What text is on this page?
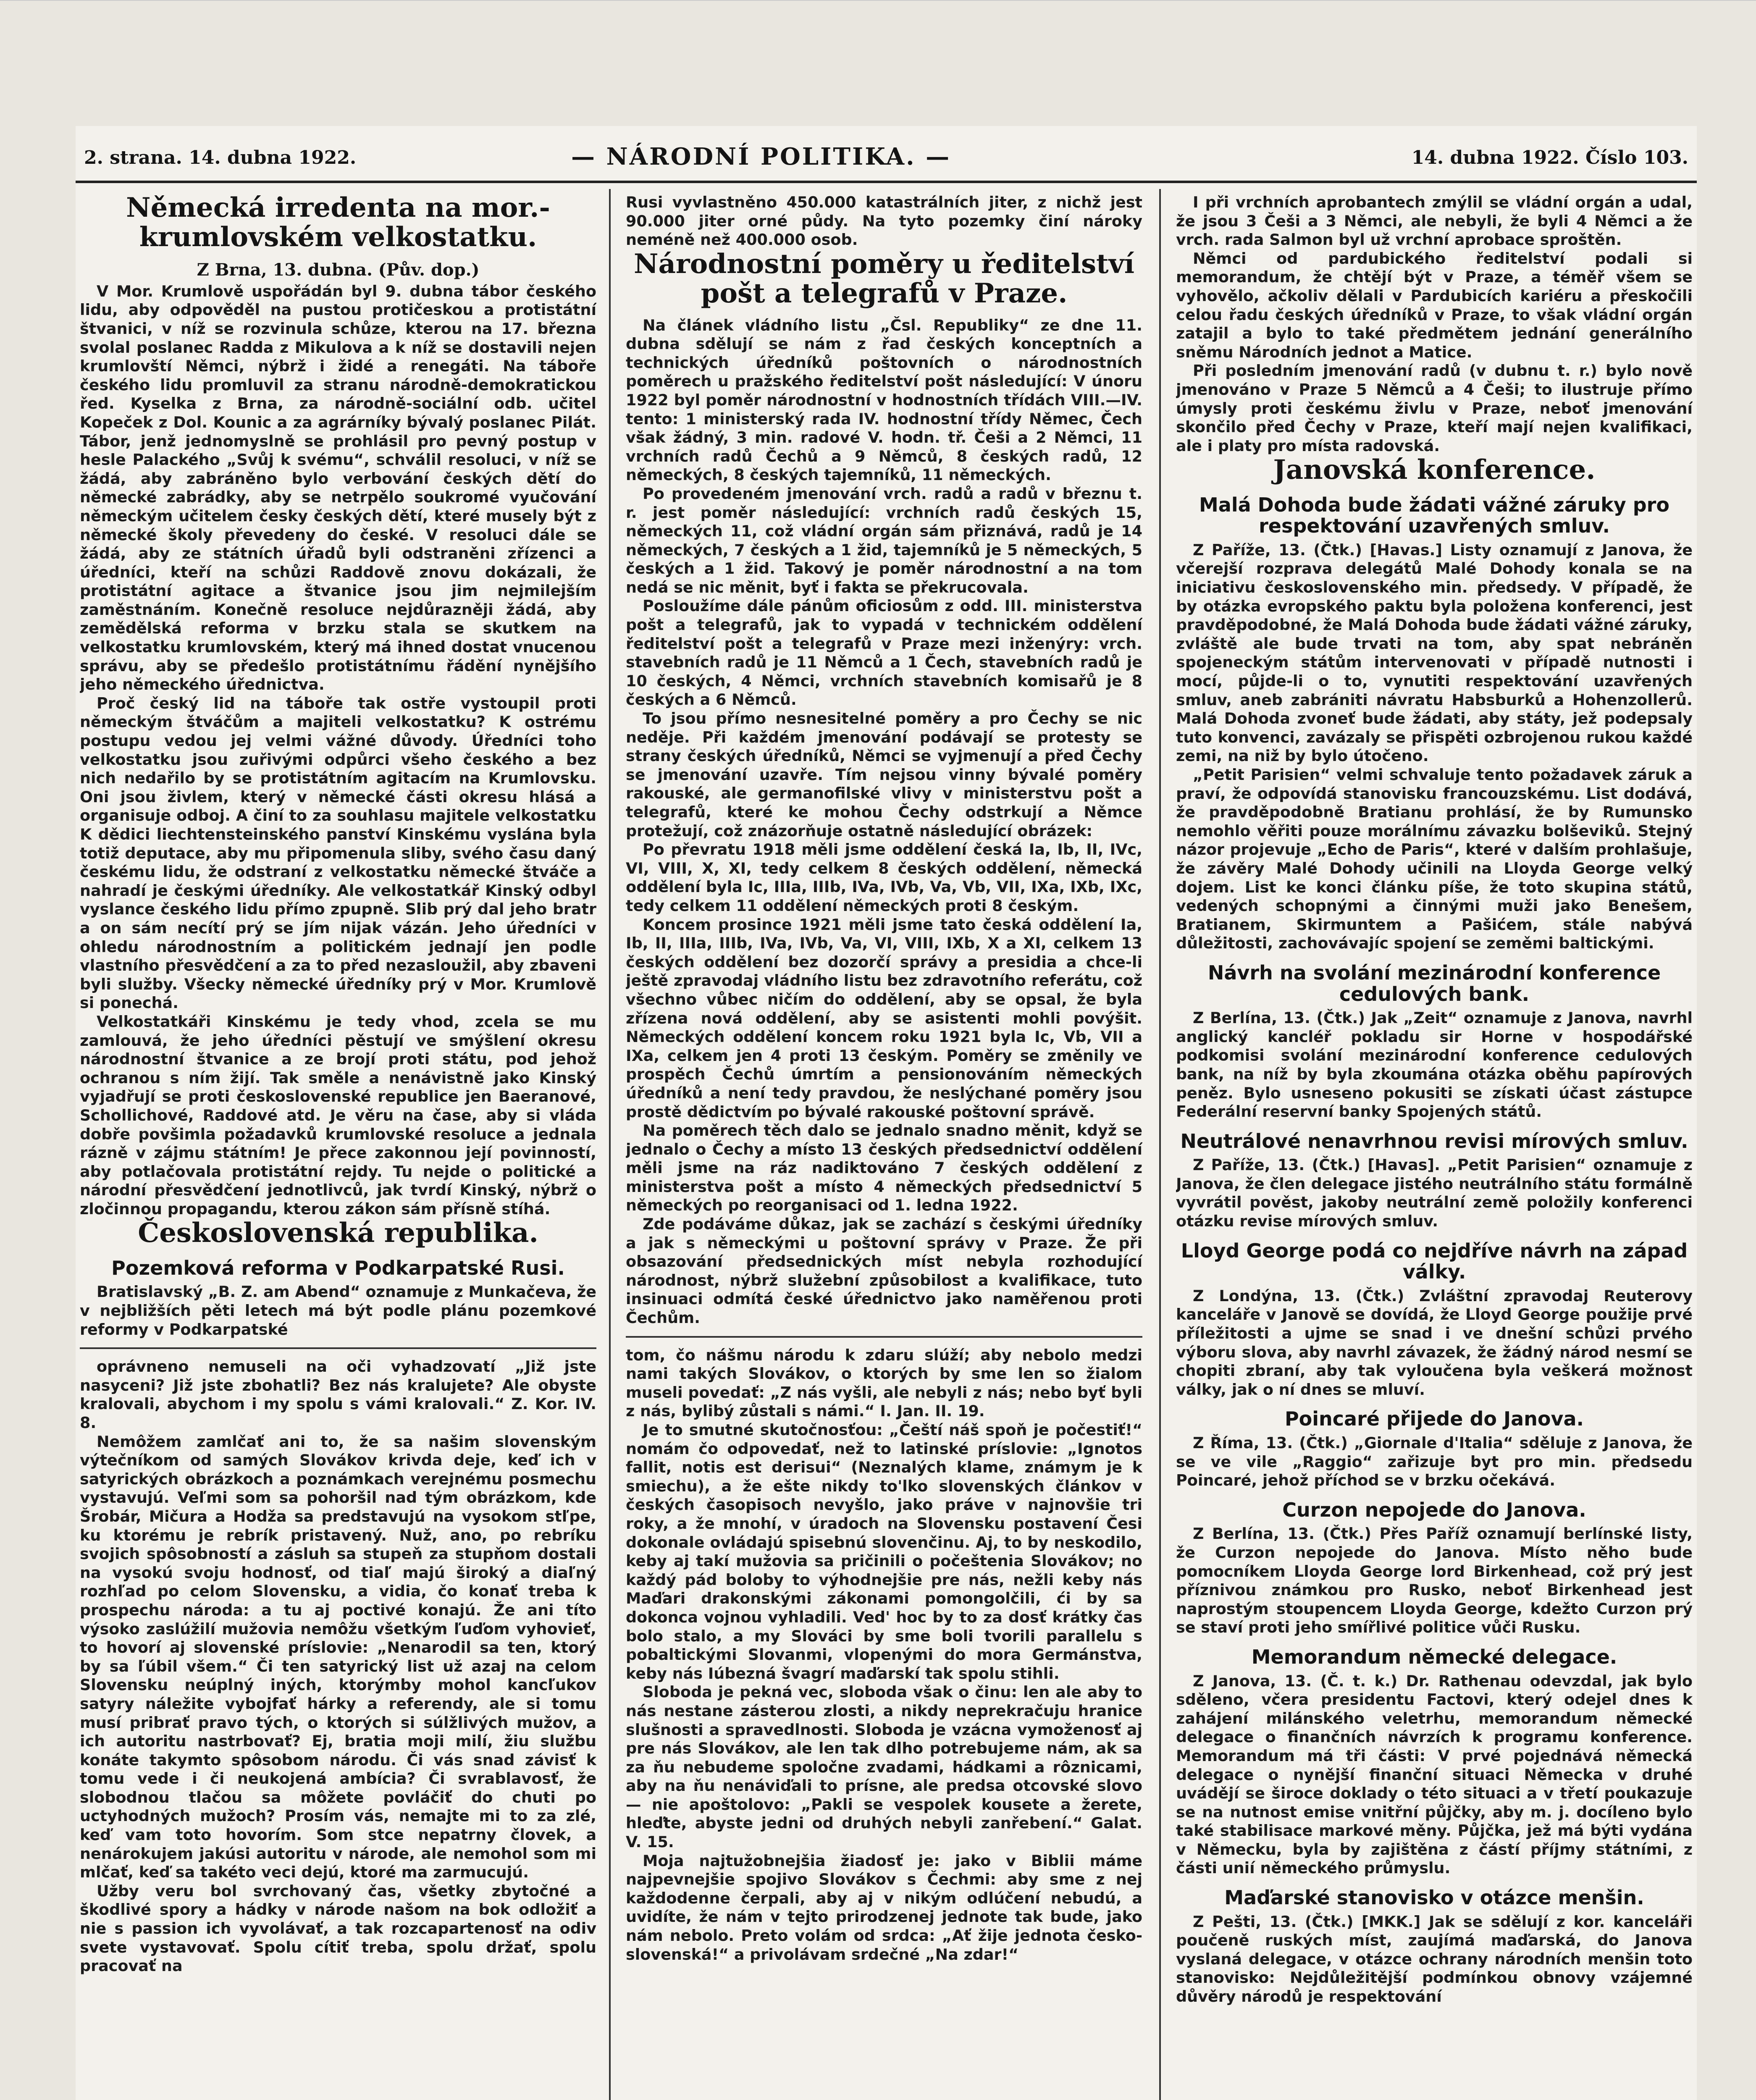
2. strana. 14. dubna 1922.	— NÁRODNÍ POLITIKA. —	14. dubna 1922. Číslo 103.
Německá irredenta na mor.-krumlovském velkostatku.
Z Brna, 13. dubna. (Pův. dop.)

V Mor. Krumlově uspořádán byl 9. dubna tábor českého lidu, aby odpověděl na pustou protičeskou a protistátní štvanici, v níž se rozvinula schůze, kterou na 17. března svolal poslanec Radda z Mikulova a k níž se dostavili nejen krumlovští Němci, nýbrž i židé a renegáti. Na táboře českého lidu promluvil za stranu národně-demokratickou řed. Kyselka z Brna, za národně-sociální odb. učitel Kopeček z Dol. Kounic a za agrárníky bývalý poslanec Pilát. Tábor, jenž jednomyslně se prohlásil pro pevný postup v hesle Palackého „Svůj k svému“, schválil resoluci, v níž se žádá, aby zabráněno bylo verbování českých dětí do německé zabrádky, aby se netrpělo soukromé vyučování německým učitelem česky českých dětí, které musely být z německé školy převedeny do české. V resoluci dále se žádá, aby ze státních úřadů byli odstraněni zřízenci a úředníci, kteří na schůzi Raddově znovu dokázali, že protistátní agitace a štvanice jsou jim nejmilejším zaměstnáním. Konečně resoluce nejdůrazněji žádá, aby zemědělská reforma v brzku stala se skutkem na velkostatku krumlovském, který má ihned dostat vnucenou správu, aby se předešlo protistátnímu řádění nynějšího jeho německého úřednictva.

Proč český lid na táboře tak ostře vystoupil proti německým štváčům a majiteli velkostatku? K ostrému postupu vedou jej velmi vážné důvody. Úředníci toho velkostatku jsou zuřivými odpůrci všeho českého a bez nich nedařilo by se protistátním agitacím na Krumlovsku. Oni jsou živlem, který v německé části okresu hlásá a organisuje odboj. A činí to za souhlasu majitele velkostatku K dědici liechtensteinského panství Kinskému vyslána byla totiž deputace, aby mu připomenula sliby, svého času daný českému lidu, že odstraní z velkostatku německé štváče a nahradí je českými úředníky. Ale velkostatkář Kinský odbyl vyslance českého lidu přímo zpupně. Slib prý dal jeho bratr a on sám necítí prý se jím nijak vázán. Jeho úředníci v ohledu národnostním a politickém jednají jen podle vlastního přesvědčení a za to před nezasloužil, aby zbaveni byli služby. Všecky německé úředníky prý v Mor. Krumlově si ponechá.

Velkostatkáři Kinskému je tedy vhod, zcela se mu zamlouvá, že jeho úředníci pěstují ve smýšlení okresu národnostní štvanice a ze brojí proti státu, pod jehož ochranou s ním žijí. Tak směle a nenávistně jako Kinský vyjadřují se proti československé republice jen Baeranové, Schollichové, Raddové atd. Je věru na čase, aby si vláda dobře povšimla požadavků krumlovské resoluce a jednala rázně v zájmu státním! Je přece zakonnou její povinností, aby potlačovala protistátní rejdy. Tu nejde o politické a národní přesvědčení jednotlivců, jak tvrdí Kinský, nýbrž o zločinnou propagandu, kterou zákon sám přísně stíhá.

Československá republika.
Pozemková reforma v Podkarpatské Rusi.

Bratislavský „B. Z. am Abend“ oznamuje z Munkačeva, že v nejbližších pěti letech má být podle plánu pozemkové reformy v Podkarpatské

oprávneno nemuseli na oči vyhadzovatí „Již jste nasyceni? Již jste zbohatli? Bez nás kralujete? Ale obyste kralovali, abychom i my spolu s vámi kralovali.“ Z. Kor. IV. 8.

Nemôžem zamlčať ani to, že sa našim slovenským výtečníkom od samých Slovákov krivda deje, keď ich v satyrických obrázkoch a poznámkach verejnému posmechu vystavujú. Veľmi som sa pohoršil nad tým obrázkom, kde Šrobár, Mičura a Hodža sa predstavujú na vysokom stľpe, ku ktorému je rebrík pristavený. Nuž, ano, po rebríku svojich spôsobností a zásluh sa stupeň za stupňom dostali na vysokú svoju hodnosť, od tiaľ majú široký a diaľný rozhľad po celom Slovensku, a vidia, čo konať treba k prospechu národa: a tu aj poctivé konajú. Že ani títo výsoko zaslúžilí mužovia nemôžu všetkým ľuďom vyhovieť, to hovorí aj slovenské príslovie: „Nenarodil sa ten, ktorý by sa ľúbil všem.“ Či ten satyrický list už azaj na celom Slovensku neúplný iných, ktorýmby mohol kancľukov satyry náležite vybojfať hárky a referendy, ale si tomu musí pribrať pravo tých, o ktorých si súlžlivých mužov, a ich autoritu nastrbovať? Ej, bratia moji milí, žiu službu konáte takymto spôsobom národu. Či vás snad závisť k tomu vede i či neukojená ambícia? Či svrablavosť, že slobodnou tlačou sa môžete povláčiť do chuti po uctyhodných mužoch? Prosím vás, nemajte mi to za zlé, keď vam toto hovorím. Som stce nepatrny človek, a nenárokujem jakúsi autoritu v národe, ale nemohol som mi mlčať, keď sa takéto veci dejú, ktoré ma zarmucujú.

Užby veru bol svrchovaný čas, všetky zbytočné a škodlivé spory a hádky v národe našom na bok odložiť a nie s passion ich vyvolávať, a tak rozcapartenosť na odiv svete vystavovať. Spolu cítiť treba, spolu držať, spolu pracovať na

Rusi vyvlastněno 450.000 katastrálních jiter, z nichž jest 90.000 jiter orné půdy. Na tyto pozemky činí nároky neméně než 400.000 osob.

Národnostní poměry u ředitelství pošt a telegrafů v Praze.

Na článek vládního listu „Čsl. Republiky“ ze dne 11. dubna sdělují se nám z řad českých konceptních a technických úředníků poštovních o národnostních poměrech u pražského ředitelství pošt následující: V únoru 1922 byl poměr národnostní v hodnostních třídách VIII.—IV. tento: 1 ministerský rada IV. hodnostní třídy Němec, Čech však žádný, 3 min. radové V. hodn. tř. Češi a 2 Němci, 11 vrchních radů Čechů a 9 Němců, 8 českých radů, 12 německých, 8 českých tajemníků, 11 německých.

Po provedeném jmenování vrch. radů a radů v březnu t. r. jest poměr následující: vrchních radů českých 15, německých 11, což vládní orgán sám přiznává, radů je 14 německých, 7 českých a 1 žid, tajemníků je 5 německých, 5 českých a 1 žid. Takový je poměr národnostní a na tom nedá se nic měnit, byť i fakta se překrucovala.

Posloužíme dále pánům oficiosům z odd. III. ministerstva pošt a telegrafů, jak to vypadá v technickém oddělení ředitelství pošt a telegrafů v Praze mezi inženýry: vrch. stavebních radů je 11 Němců a 1 Čech, stavebních radů je 10 českých, 4 Němci, vrchních stavebních komisařů je 8 českých a 6 Němců.

To jsou přímo nesnesitelné poměry a pro Čechy se nic neděje. Při každém jmenování podávají se protesty se strany českých úředníků, Němci se vyjmenují a před Čechy se jmenování uzavře. Tím nejsou vinny bývalé poměry rakouské, ale germanofilské vlivy v ministerstvu pošt a telegrafů, které ke mohou Čechy odstrkují a Němce protežují, což znázorňuje ostatně následující obrázek:

Po převratu 1918 měli jsme oddělení česká Ia, Ib, II, IVc, VI, VIII, X, XI, tedy celkem 8 českých oddělení, německá oddělení byla Ic, IIIa, IIIb, IVa, IVb, Va, Vb, VII, IXa, IXb, IXc, tedy celkem 11 oddělení německých proti 8 českým.

Koncem prosince 1921 měli jsme tato česká oddělení Ia, Ib, II, IIIa, IIIb, IVa, IVb, Va, VI, VIII, IXb, X a XI, celkem 13 českých oddělení bez dozorčí správy a presidia a chce-li ještě zpravodaj vládního listu bez zdravotního referátu, což všechno vůbec ničím do oddělení, aby se opsal, že byla zřízena nová oddělení, aby se asistenti mohli povýšit. Německých oddělení koncem roku 1921 byla Ic, Vb, VII a IXa, celkem jen 4 proti 13 českým. Poměry se změnily ve prospěch Čechů úmrtím a pensionováním německých úředníků a není tedy pravdou, že neslýchané poměry jsou prostě dědictvím po bývalé rakouské poštovní správě.

Na poměrech těch dalo se jednalo snadno měnit, když se jednalo o Čechy a místo 13 českých předsednictví oddělení měli jsme na ráz nadiktováno 7 českých oddělení z ministerstva pošt a místo 4 německých předsednictví 5 německých po reorganisaci od 1. ledna 1922.

Zde podáváme důkaz, jak se zachází s českými úředníky a jak s německými u poštovní správy v Praze. Že při obsazování předsednických míst nebyla rozhodující národnost, nýbrž služební způsobilost a kvalifikace, tuto insinuaci odmítá české úřednictvo jako naměřenou proti Čechům.

tom, čo nášmu národu k zdaru slúží; aby nebolo medzi nami takých Slovákov, o ktorých by sme len so žialom museli povedať: „Z nás vyšli, ale nebyli z nás; nebo byť byli z nás, bylibý zůstali s námi.“ I. Jan. II. 19.

Je to smutné skutočnosťou: „Čeští náš spoň je počestiť!“ nomám čo odpovedať, než to latinské príslovie: „Ignotos fallit, notis est derisui“ (Neznalých klame, známym je k smiechu), a že ešte nikdy to'lko slovenských článkov v českých časopisoch nevyšlo, jako práve v najnovšie tri roky, a že mnohí, v úradoch na Slovensku postavení Česi dokonale ovládajú spisebnú slovenčinu. Aj, to by neskodilo, keby aj takí mužovia sa pričinili o počeštenia Slovákov; no každý pád boloby to výhodnejšie pre nás, nežli keby nás Maďari drakonskými zákonami pomongolčili, ći by sa dokonca vojnou vyhladili. Ved' hoc by to za dosť krátky čas bolo stalo, a my Slováci by sme boli tvorili parallelu s pobaltickými Slovanmi, vlopenými do mora Germánstva, keby nás Iúbezná švagrí maďarskí tak spolu stihli.

Sloboda je pekná vec, sloboda však o činu: len ale aby to nás nestane zásterou zlosti, a nikdy neprekračuju hranice slušnosti a spravedlnosti. Sloboda je vzácna vymoženosť aj pre nás Slovákov, ale len tak dlho potrebujeme nám, ak sa za ňu nebudeme spoločne zvadami, hádkami a rôznicami, aby na ňu nenáviďali to prísne, ale predsa otcovské slovo — nie apoštolovo: „Pakli se vespolek kousete a žerete, hleďte, abyste jedni od druhých nebyli zanřebení.“ Galat. V. 15.

Moja najtužobnejšia žiadosť je: jako v Biblii máme najpevnejšie spojivo Slovákov s Čechmi: aby sme z nej každodenne čerpali, aby aj v nikým odlúčení nebudú, a uvidíte, že nám v tejto prirodzenej jednote tak bude, jako nám nebolo. Preto volám od srdca: „Ať žije jednota česko-slovenská!“ a privolávam srdečné „Na zdar!“

I při vrchních aprobantech zmýlil se vládní orgán a udal, že jsou 3 Češi a 3 Němci, ale nebyli, že byli 4 Němci a že vrch. rada Salmon byl už vrchní aprobace sproštěn.

Němci od pardubického ředitelství podali si memorandum, že chtějí být v Praze, a téměř všem se vyhovělo, ačkoliv dělali v Pardubicích kariéru a přeskočili celou řadu českých úředníků v Praze, to však vládní orgán zatajil a bylo to také předmětem jednání generálního sněmu Národních jednot a Matice.

Při posledním jmenování radů (v dubnu t. r.) bylo nově jmenováno v Praze 5 Němců a 4 Češi; to ilustruje přímo úmysly proti českému živlu v Praze, neboť jmenování skončilo před Čechy v Praze, kteří mají nejen kvalifikaci, ale i platy pro místa radovská.

Janovská konference.
Malá Dohoda bude žádati vážné záruky pro respektování uzavřených smluv.

Z Paříže, 13. (Čtk.) [Havas.] Listy oznamují z Janova, že včerejší rozprava delegátů Malé Dohody konala se na iniciativu československého min. předsedy. V případě, že by otázka evropského paktu byla položena konferenci, jest pravděpodobné, že Malá Dohoda bude žádati vážné záruky, zvláště ale bude trvati na tom, aby spat nebráněn spojeneckým státům intervenovati v případě nutnosti i mocí, půjde-li o to, vynutiti respektování uzavřených smluv, aneb zabrániti návratu Habsburků a Hohenzollerů. Malá Dohoda zvoneť bude žádati, aby státy, jež podepsaly tuto konvenci, zavázaly se přispěti ozbrojenou rukou každé zemi, na niž by bylo útočeno.

„Petit Parisien“ velmi schvaluje tento požadavek záruk a praví, že odpovídá stanovisku francouzskému. List dodává, že pravděpodobně Bratianu prohlásí, že by Rumunsko nemohlo věřiti pouze morálnímu závazku bolševiků. Stejný názor projevuje „Echo de Paris“, které v dalším prohlašuje, že závěry Malé Dohody učinili na Lloyda George velký dojem. List ke konci článku píše, že toto skupina států, vedených schopnými a činnými muži jako Benešem, Bratianem, Skirmuntem a Pašićem, stále nabývá důležitosti, zachovávajíc spojení se zeměmi baltickými.

Návrh na svolání mezinárodní konference cedulových bank.

Z Berlína, 13. (Čtk.) Jak „Zeit“ oznamuje z Janova, navrhl anglický kancléř pokladu sir Horne v hospodářské podkomisi svolání mezinárodní konference cedulových bank, na níž by byla zkoumána otázka oběhu papírových peněz. Bylo usneseno pokusiti se získati účast zástupce Federální reservní banky Spojených států.

Neutrálové nenavrhnou revisi mírových smluv.

Z Paříže, 13. (Čtk.) [Havas]. „Petit Parisien“ oznamuje z Janova, že člen delegace jistého neutrálního státu formálně vyvrátil pověst, jakoby neutrální země položily konferenci otázku revise mírových smluv.

Lloyd George podá co nejdříve návrh na západ války.

Z Londýna, 13. (Čtk.) Zvláštní zpravodaj Reuterovy kanceláře v Janově se dovídá, že Lloyd George použije prvé příležitosti a ujme se snad i ve dnešní schůzi prvého výboru slova, aby navrhl závazek, že žádný národ nesmí se chopiti zbraní, aby tak vyloučena byla veškerá možnost války, jak o ní dnes se mluví.

Poincaré přijede do Janova.

Z Říma, 13. (Čtk.) „Giornale d'Italia“ sděluje z Janova, že se ve vile „Raggio“ zařizuje byt pro min. předsedu Poincaré, jehož příchod se v brzku očekává.

Curzon nepojede do Janova.

Z Berlína, 13. (Čtk.) Přes Paříž oznamují berlínské listy, že Curzon nepojede do Janova. Místo něho bude pomocníkem Lloyda George lord Birkenhead, což prý jest příznivou známkou pro Rusko, neboť Birkenhead jest naprostým stoupencem Lloyda George, kdežto Curzon prý se staví proti jeho smířlivé politice vůči Rusku.

Memorandum německé delegace.

Z Janova, 13. (Č. t. k.) Dr. Rathenau odevzdal, jak bylo sděleno, včera presidentu Factovi, který odejel dnes k zahájení milánského veletrhu, memorandum německé delegace o finančních návrzích k programu konference. Memorandum má tři části: V prvé pojednává německá delegace o nynější finanční situaci Německa v druhé uvádějí se široce doklady o této situaci a v třetí poukazuje se na nutnost emise vnitřní půjčky, aby m. j. docíleno bylo také stabilisace markové měny. Půjčka, jež má býti vydána v Německu, byla by zajištěna z částí příjmy státními, z části unií německého průmyslu.

Maďarské stanovisko v otázce menšin.

Z Pešti, 13. (Čtk.) [MKK.] Jak se sdělují z kor. kanceláři poučeně ruských míst, zaujímá maďarská, do Janova vyslaná delegace, v otázce ochrany národních menšin toto stanovisko: Nejdůležitější podmínkou obnovy vzájemné důvěry národů je respektování
